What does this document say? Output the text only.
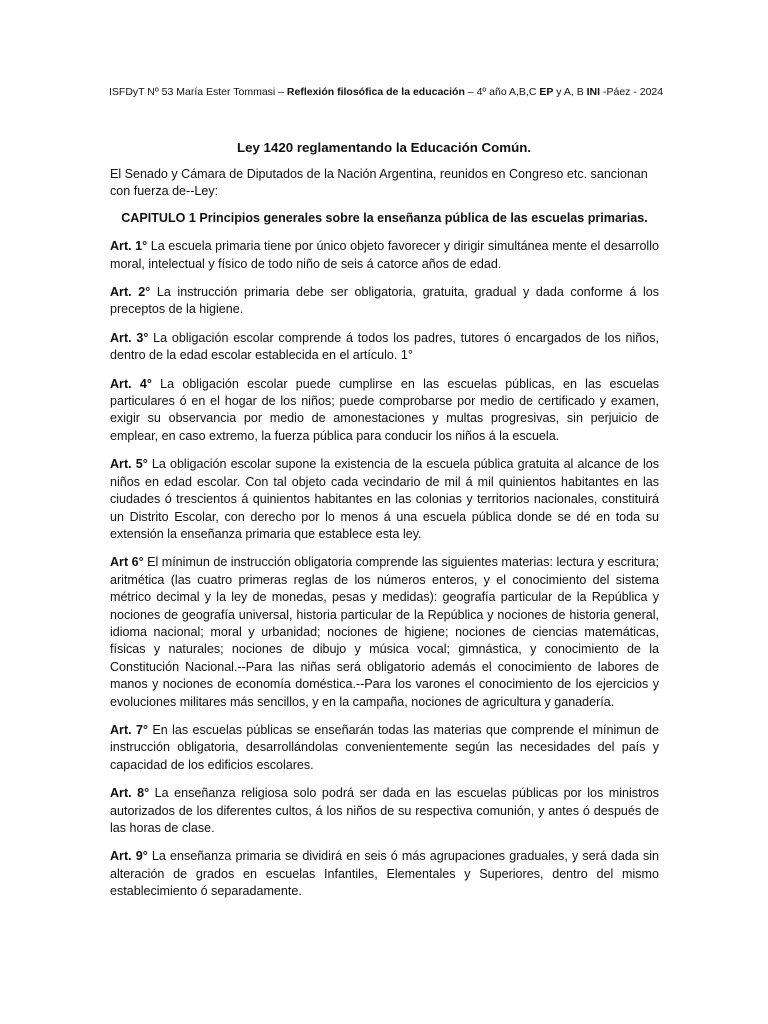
ISFDyT Nº 53 María Ester Tommasi – Reflexión filosófica de la educación – 4º año A,B,C EP y A, B INI -Páez - 2024
Ley 1420 reglamentando la Educación Común.

El Senado y Cámara de Diputados de la Nación Argentina, reunidos en Congreso etc. sancionan con fuerza de--Ley:

CAPITULO 1 Principios generales sobre la enseñanza pública de las escuelas primarias.

Art. 1° La escuela primaria tiene por único objeto favorecer y dirigir simultánea mente el desarrollo moral, intelectual y físico de todo niño de seis á catorce años de edad.

Art. 2° La instrucción primaria debe ser obligatoria, gratuita, gradual y dada conforme á los preceptos de la higiene.

Art. 3° La obligación escolar comprende á todos los padres, tutores ó encargados de los niños, dentro de la edad escolar establecida en el artículo. 1°

Art. 4° La obligación escolar puede cumplirse en las escuelas públicas, en las escuelas particulares ó en el hogar de los niños; puede comprobarse por medio de certificado y examen, exigir su observancia por medio de amonestaciones y multas progresivas, sin perjuicio de emplear, en caso extremo, la fuerza pública para conducir los niños á la escuela.

Art. 5° La obligación escolar supone la existencia de la escuela pública gratuita al alcance de los niños en edad escolar. Con tal objeto cada vecindario de mil á mil quinientos habitantes en las ciudades ó trescientos á quinientos habitantes en las colonias y territorios nacionales, constituirá un Distrito Escolar, con derecho por lo menos á una escuela pública donde se dé en toda su extensión la enseñanza primaria que establece esta ley.

Art 6° El mínimun de instrucción obligatoria comprende las siguientes materias: lectura y escritura; aritmética (las cuatro primeras reglas de los números enteros, y el conocimiento del sistema métrico decimal y la ley de monedas, pesas y medidas): geografía particular de la República y nociones de geografía universal, historia particular de la República y nociones de historia general, idioma nacional; moral y urbanidad; nociones de higiene; nociones de ciencias matemáticas, físicas y naturales; nociones de dibujo y música vocal; gimnástica, y conocimiento de la Constitución Nacional.--Para las niñas será obligatorio además el conocimiento de labores de manos y nociones de economía doméstica.--Para los varones el conocimiento de los ejercicios y evoluciones militares más sencillos, y en la campaña, nociones de agricultura y ganadería.

Art. 7° En las escuelas públicas se enseñarán todas las materias que comprende el mínimun de instrucción obligatoria, desarrollándolas convenientemente según las necesidades del país y capacidad de los edificios escolares.

Art. 8° La enseñanza religiosa solo podrá ser dada en las escuelas públicas por los ministros autorizados de los diferentes cultos, á los niños de su respectiva comunión, y antes ó después de las horas de clase.

Art. 9° La enseñanza primaria se dividirá en seis ó más agrupaciones graduales, y será dada sin alteración de grados en escuelas Infantiles, Elementales y Superiores, dentro del mismo establecimiento ó separadamente.
